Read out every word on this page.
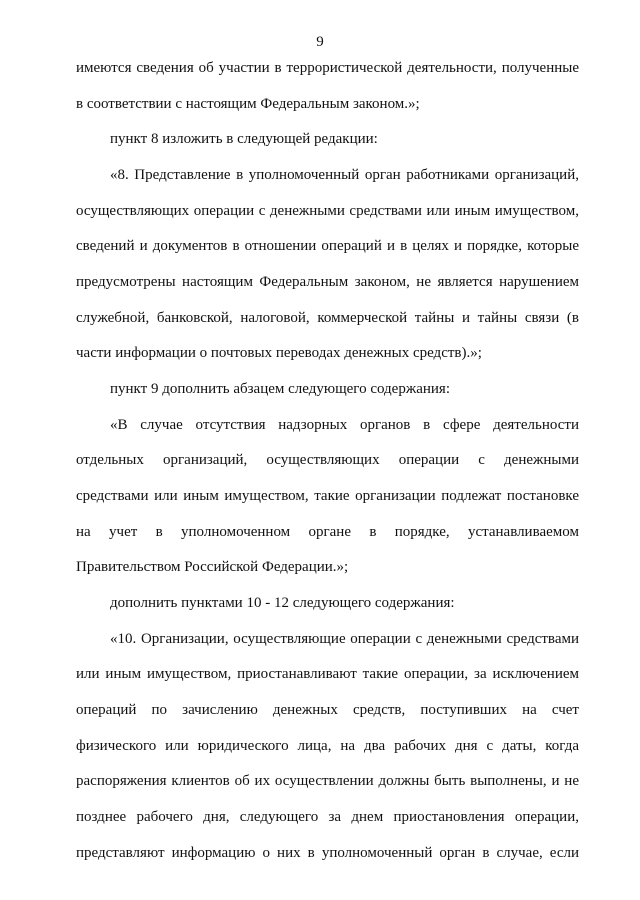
9
имеются сведения об участии в террористической деятельности, полученные
в соответствии с настоящим Федеральным законом.»;
пункт 8 изложить в следующей редакции:
«8. Представление в уполномоченный орган работниками организаций,
осуществляющих операции с денежными средствами или иным имуществом,
сведений и документов в отношении операций и в целях и порядке, которые
предусмотрены настоящим Федеральным законом, не является нарушением
служебной, банковской, налоговой, коммерческой тайны и тайны связи (в
части информации о почтовых переводах денежных средств).»;
пункт 9 дополнить абзацем следующего содержания:
«В случае отсутствия надзорных органов в сфере деятельности
отдельных организаций, осуществляющих операции с денежными
средствами или иным имуществом, такие организации подлежат постановке
на учет в уполномоченном органе в порядке, устанавливаемом
Правительством Российской Федерации.»;
дополнить пунктами 10 - 12 следующего содержания:
«10. Организации, осуществляющие операции с денежными средствами
или иным имуществом, приостанавливают такие операции, за исключением
операций по зачислению денежных средств, поступивших на счет
физического или юридического лица, на два рабочих дня с даты, когда
распоряжения клиентов об их осуществлении должны быть выполнены, и не
позднее рабочего дня, следующего за днем приостановления операции,
представляют информацию о них в уполномоченный орган в случае, если
